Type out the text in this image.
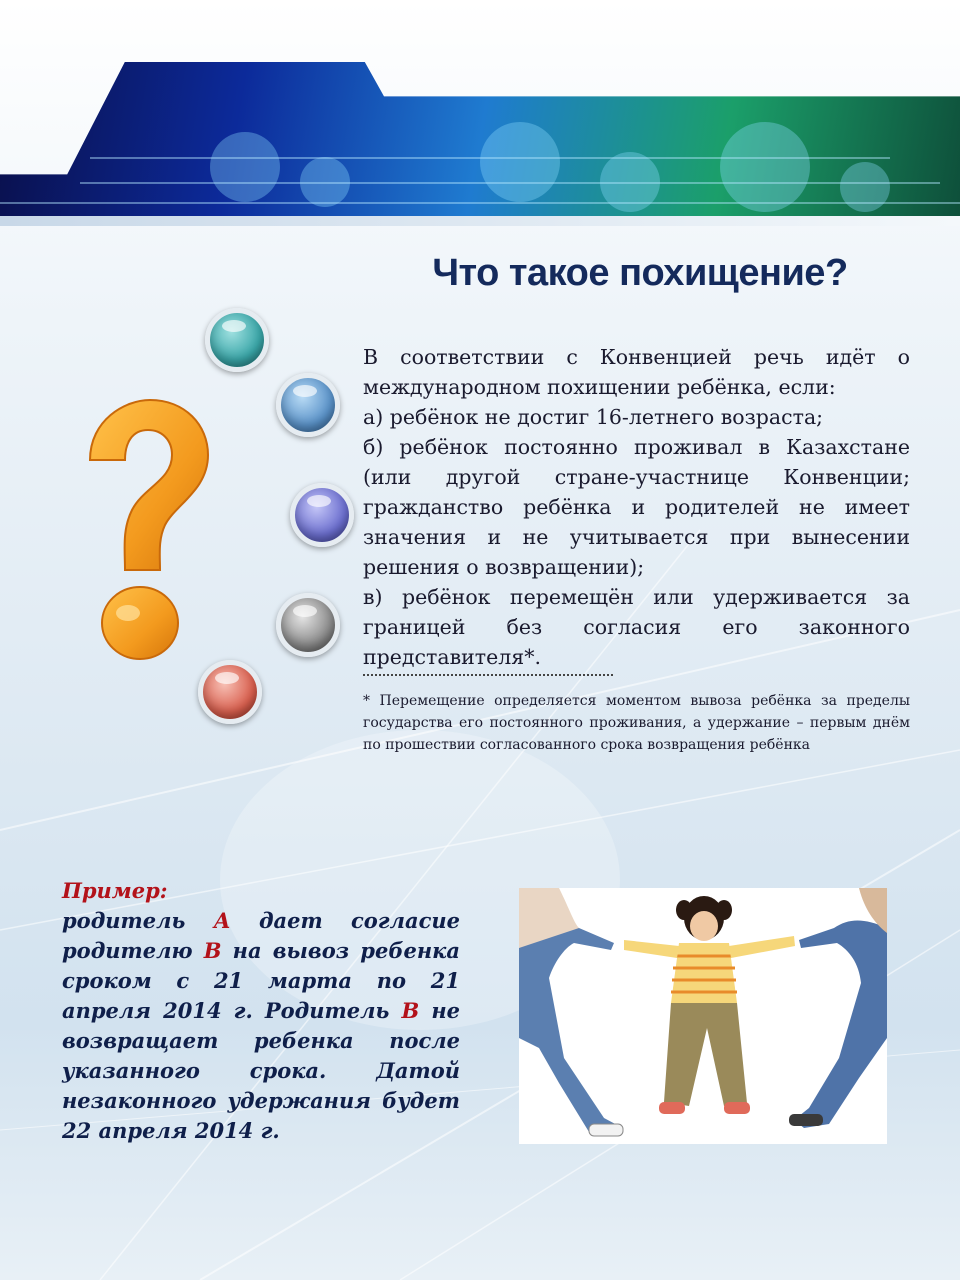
Что такое похищение?

В соответствии с Конвенцией речь идёт о международном похищении ребёнка, если:

а) ребёнок не достиг 16-летнего возраста;

б) ребёнок постоянно проживал в Казахстане (или другой стране-участнице Конвенции; гражданство ребёнка и родителей не имеет значения и не учитывается при вынесении решения о возвращении);

в) ребёнок перемещён или удерживается за границей без согласия его законного представителя*.

* Перемещение определяется моментом вывоза ребёнка за пределы государства его постоянного проживания, а удержание – первым днём по прошествии согласованного срока возвращения ребёнка

Пример:

родитель А дает согласие родителю В на вывоз ребенка сроком с 21 марта по 21 апреля 2014 г. Родитель В не возвращает ребенка после указанного срока. Датой незаконного удержания будет 22 апреля 2014 г.
